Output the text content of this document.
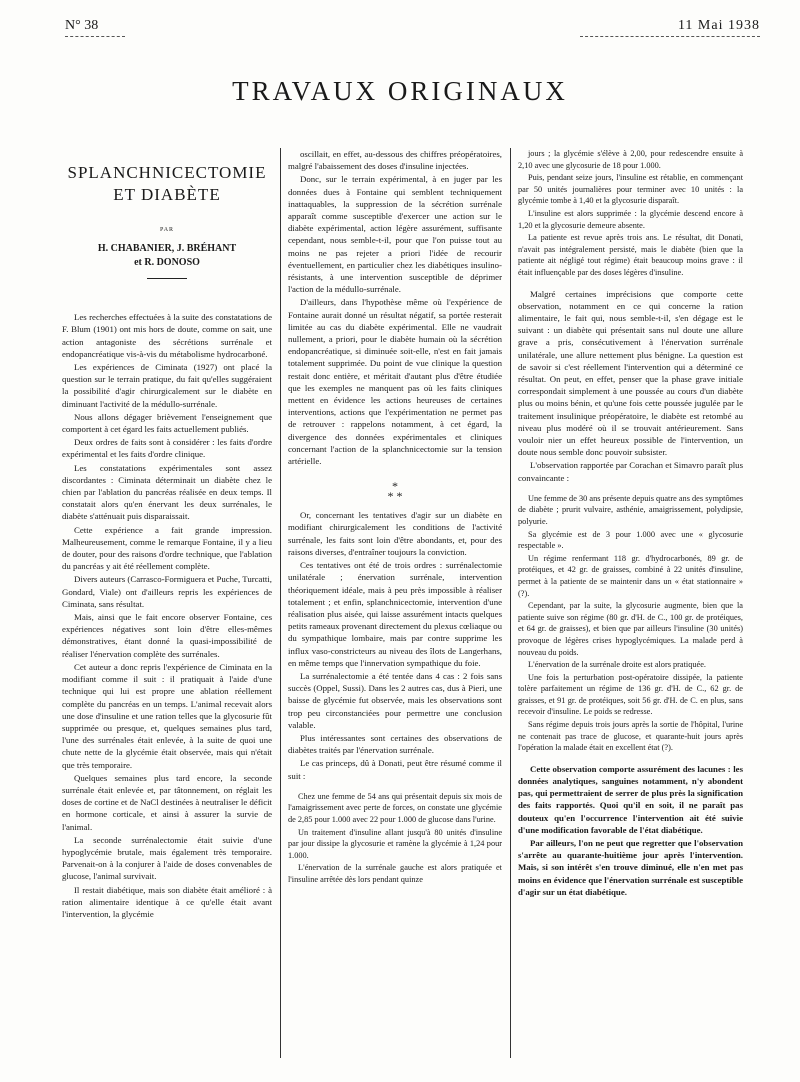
N° 38	11 Mai 1938
TRAVAUX ORIGINAUX
SPLANCHNICECTOMIE
ET DIABÈTE
PAR
H. CHABANIER, J. BRÉHANT
et R. DONOSO

Les recherches effectuées à la suite des constatations de F. Blum (1901) ont mis hors de doute, comme on sait, une action antagoniste des sécrétions surrénale et endopancréatique vis-à-vis du métabolisme hydrocarboné.

Les expériences de Ciminata (1927) ont placé la question sur le terrain pratique, du fait qu'elles suggéraient la possibilité d'agir chirurgicalement sur le diabète en diminuant l'activité de la médullo-surrénale.

Nous allons dégager brièvement l'enseignement que comportent à cet égard les faits actuellement publiés.

Deux ordres de faits sont à considérer : les faits d'ordre expérimental et les faits d'ordre clinique.

Les constatations expérimentales sont assez discordantes : Ciminata déterminait un diabète chez le chien par l'ablation du pancréas réalisée en deux temps. Il constatait alors qu'en énervant les deux surrénales, le diabète s'atténuait puis disparaissait.

Cette expérience a fait grande impression. Malheureusement, comme le remarque Fontaine, il y a lieu de douter, pour des raisons d'ordre technique, que l'ablation du pancréas y ait été réellement complète.

Divers auteurs (Carrasco-Formiguera et Puche, Turcatti, Gondard, Viale) ont d'ailleurs repris les expériences de Ciminata, sans résultat.

Mais, ainsi que le fait encore observer Fontaine, ces expériences négatives sont loin d'être elles-mêmes démonstratives, étant donné la quasi-impossibilité de réaliser l'énervation complète des surrénales.

Cet auteur a donc repris l'expérience de Ciminata en la modifiant comme il suit : il pratiquait à l'aide d'une technique qui lui est propre une ablation réellement complète du pancréas en un temps. L'animal recevait alors une dose d'insuline et une ration telles que la glycosurie fût supprimée ou presque, et, quelques semaines plus tard, l'une des surrénales était enlevée, à la suite de quoi une chute nette de la glycémie était observée, mais qui n'était que très temporaire.

Quelques semaines plus tard encore, la seconde surrénale était enlevée et, par tâtonnement, on réglait les doses de cortine et de NaCl destinées à neutraliser le déficit en hormone corticale, et ainsi à assurer la survie de l'animal.

La seconde surrénalectomie était suivie d'une hypoglycémie brutale, mais également très temporaire. Parvenait-on à la conjurer à l'aide de doses convenables de glucose, l'animal survivait.

Il restait diabétique, mais son diabète était amélioré : à ration alimentaire identique à ce qu'elle était avant l'intervention, la glycémie

oscillait, en effet, au-dessous des chiffres préopératoires, malgré l'abaissement des doses d'insuline injectées.

Donc, sur le terrain expérimental, à en juger par les données dues à Fontaine qui semblent techniquement inattaquables, la suppression de la sécrétion surrénale apparaît comme susceptible d'exercer une action sur le diabète expérimental, action légère assurément, suffisante cependant, nous semble-t-il, pour que l'on puisse tout au moins ne pas rejeter a priori l'idée de recourir éventuellement, en particulier chez les diabétiques insulino-résistants, à une intervention susceptible de déprimer l'action de la médullo-surrénale.

D'ailleurs, dans l'hypothèse même où l'expérience de Fontaine aurait donné un résultat négatif, sa portée resterait limitée au cas du diabète expérimental. Elle ne vaudrait nullement, a priori, pour le diabète humain où la sécrétion endopancréatique, si diminuée soit-elle, n'est en fait jamais totalement supprimée. Du point de vue clinique la question restait donc entière, et méritait d'autant plus d'être étudiée que les exemples ne manquent pas où les faits cliniques mettent en évidence les actions heureuses de certaines interventions, actions que l'expérimentation ne permet pas de retrouver : rappelons notamment, à cet égard, la divergence des données expérimentales et cliniques concernant l'action de la splanchnicectomie sur la tension artérielle.

*
* *

Or, concernant les tentatives d'agir sur un diabète en modifiant chirurgicalement les conditions de l'activité surrénale, les faits sont loin d'être abondants, et, pour des raisons diverses, d'entraîner toujours la conviction.

Ces tentatives ont été de trois ordres : surrénalectomie unilatérale ; énervation surrénale, intervention théoriquement idéale, mais à peu près impossible à réaliser totalement ; et enfin, splanchnicectomie, intervention d'une réalisation plus aisée, qui laisse assurément intacts quelques petits rameaux provenant directement du plexus cœliaque ou du sympathique lombaire, mais par contre supprime les influx vaso-constricteurs au niveau des îlots de Langerhans, en même temps que l'innervation sympathique du foie.

La surrénalectomie a été tentée dans 4 cas : 2 fois sans succès (Oppel, Sussi). Dans les 2 autres cas, dus à Pieri, une baisse de glycémie fut observée, mais les observations sont trop peu circonstanciées pour permettre une conclusion valable.

Plus intéressantes sont certaines des observations de diabètes traités par l'énervation surrénale.

Le cas princeps, dû à Donati, peut être résumé comme il suit :

Chez une femme de 54 ans qui présentait depuis six mois de l'amaigrissement avec perte de forces, on constate une glycémie de 2,85 pour 1.000 avec 22 pour 1.000 de glucose dans l'urine.

Un traitement d'insuline allant jusqu'à 80 unités d'insuline par jour dissipe la glycosurie et ramène la glycémie à 1,24 pour 1.000.

L'énervation de la surrénale gauche est alors pratiquée et l'insuline arrêtée dès lors pendant quinze

jours ; la glycémie s'élève à 2,00, pour redescendre ensuite à 2,10 avec une glycosurie de 18 pour 1.000.

Puis, pendant seize jours, l'insuline est rétablie, en commençant par 50 unités journalières pour terminer avec 10 unités : la glycémie tombe à 1,40 et la glycosurie disparaît.

L'insuline est alors supprimée : la glycémie descend encore à 1,20 et la glycosurie demeure absente.

La patiente est revue après trois ans. Le résultat, dit Donati, n'avait pas intégralement persisté, mais le diabète (bien que la patiente ait négligé tout régime) était beaucoup moins grave : il était influençable par des doses légères d'insuline.

Malgré certaines imprécisions que comporte cette observation, notamment en ce qui concerne la ration alimentaire, le fait qui, nous semble-t-il, s'en dégage est le suivant : un diabète qui présentait sans nul doute une allure grave a pris, consécutivement à l'énervation surrénale unilatérale, une allure nettement plus bénigne. La question est de savoir si c'est réellement l'intervention qui a déterminé ce résultat. On peut, en effet, penser que la phase grave initiale correspondait simplement à une poussée au cours d'un diabète plus ou moins bénin, et qu'une fois cette poussée jugulée par le traitement insulinique préopératoire, le diabète est retombé au niveau plus modéré où il se trouvait antérieurement. Sans vouloir nier un effet heureux possible de l'intervention, un doute nous semble donc pouvoir subsister.

L'observation rapportée par Corachan et Simavro paraît plus convaincante :

Une femme de 30 ans présente depuis quatre ans des symptômes de diabète ; prurit vulvaire, asthénie, amaigrissement, polydipsie, polyurie.

Sa glycémie est de 3 pour 1.000 avec une « glycosurie respectable ».

Un régime renfermant 118 gr. d'hydrocarbonés, 89 gr. de protéiques, et 42 gr. de graisses, combiné à 22 unités d'insuline, permet à la patiente de se maintenir dans un « état stationnaire » (?).

Cependant, par la suite, la glycosurie augmente, bien que la patiente suive son régime (80 gr. d'H. de C., 100 gr. de protéiques, et 64 gr. de graisses), et bien que par ailleurs l'insuline (30 unités) provoque de légères crises hypoglycémiques. La malade perd à nouveau du poids.

L'énervation de la surrénale droite est alors pratiquée.

Une fois la perturbation post-opératoire dissipée, la patiente tolère parfaitement un régime de 136 gr. d'H. de C., 62 gr. de graisses, et 91 gr. de protéiques, soit 56 gr. d'H. de C. en plus, sans recevoir d'insuline. Le poids se redresse.

Sans régime depuis trois jours après la sortie de l'hôpital, l'urine ne contenait pas trace de glucose, et quarante-huit jours après l'opération la malade était en excellent état (?).

Cette observation comporte assurément des lacunes : les données analytiques, sanguines notamment, n'y abondent pas, qui permettraient de serrer de plus près la signification des faits rapportés. Quoi qu'il en soit, il ne paraît pas douteux qu'en l'occurrence l'intervention ait été suivie d'une modification favorable de l'état diabétique.

Par ailleurs, l'on ne peut que regretter que l'observation s'arrête au quarante-huitième jour après l'intervention. Mais, si son intérêt s'en trouve diminué, elle n'en met pas moins en évidence que l'énervation surrénale est susceptible d'agir sur un état diabétique.
